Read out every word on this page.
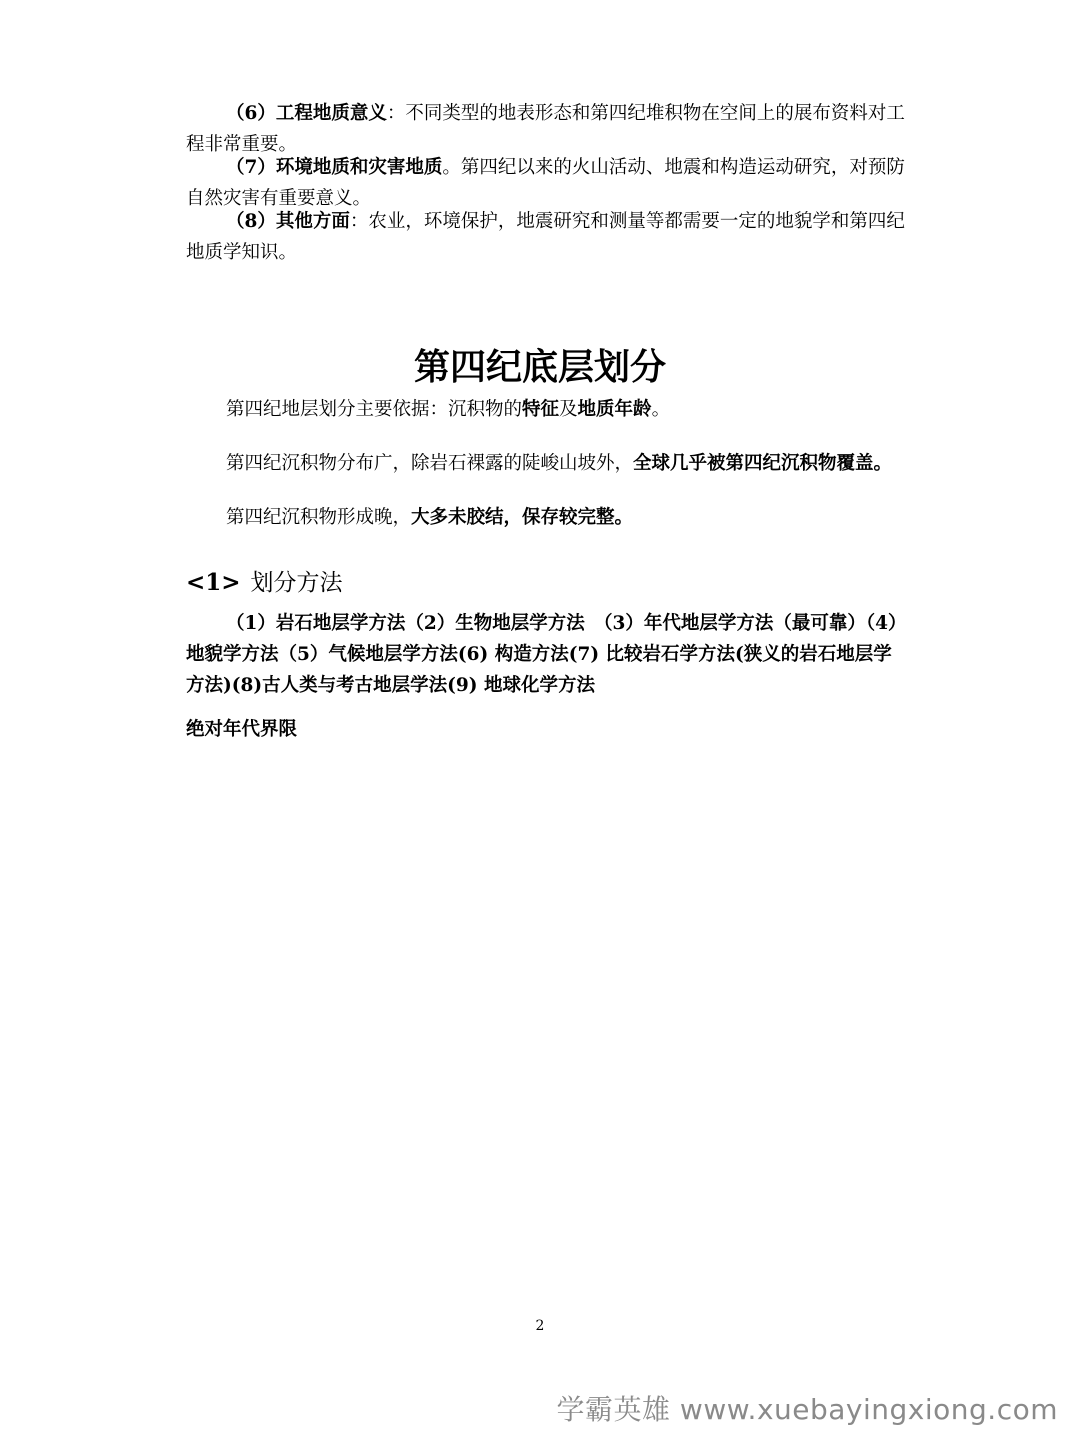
（6）工程地质意义：不同类型的地表形态和第四纪堆积物在空间上的展布资料对工程非常重要。

（7）环境地质和灾害地质。第四纪以来的火山活动、地震和构造运动研究，对预防自然灾害有重要意义。

（8）其他方面：农业，环境保护，地震研究和测量等都需要一定的地貌学和第四纪地质学知识。

第四纪底层划分

第四纪地层划分主要依据：沉积物的特征及地质年龄。

第四纪沉积物分布广，除岩石裸露的陡峻山坡外，全球几乎被第四纪沉积物覆盖。

第四纪沉积物形成晚，大多未胶结，保存较完整。

<1> 划分方法

（1）岩石地层学方法（2）生物地层学方法　（3）年代地层学方法（最可靠）（4）地貌学方法（5）气候地层学方法(6) 构造方法(7) 比较岩石学方法(狭义的岩石地层学方法)(8)古人类与考古地层学法(9) 地球化学方法

绝对年代界限

2
学霸英雄 www.xuebayingxiong.com
